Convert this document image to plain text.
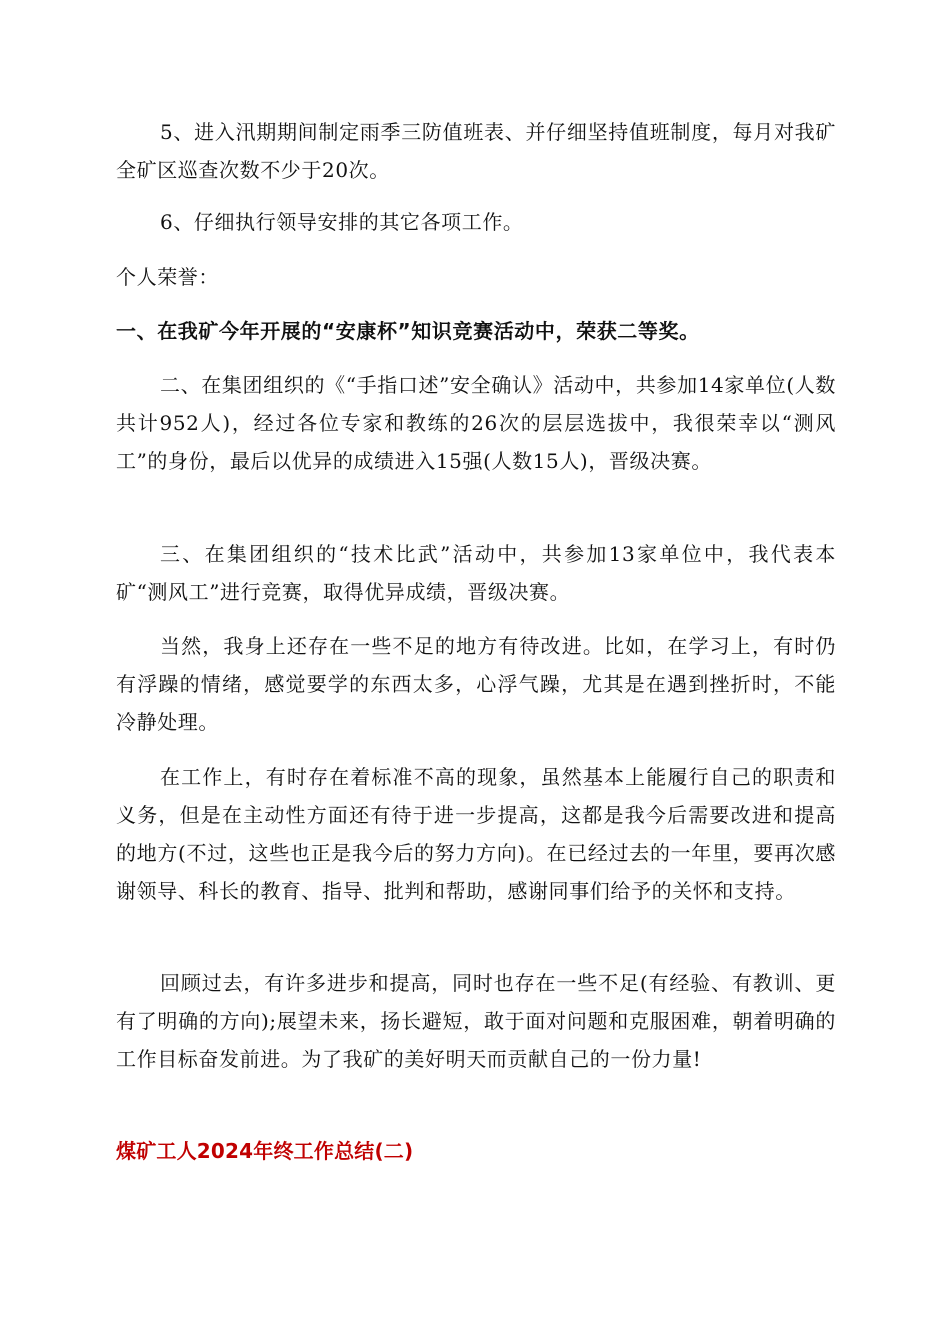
5、进入汛期期间制定雨季三防值班表、并仔细坚持值班制度，每月对我矿全矿区巡查次数不少于20次。

6、仔细执行领导安排的其它各项工作。

个人荣誉：

一、在我矿今年开展的“安康杯”知识竞赛活动中，荣获二等奖。

二、在集团组织的《“手指口述”安全确认》活动中，共参加14家单位(人数共计952人)，经过各位专家和教练的26次的层层选拔中，我很荣幸以“测风工”的身份，最后以优异的成绩进入15强(人数15人)，晋级决赛。

三、在集团组织的“技术比武”活动中，共参加13家单位中，我代表本矿“测风工”进行竞赛，取得优异成绩，晋级决赛。

当然，我身上还存在一些不足的地方有待改进。比如，在学习上，有时仍有浮躁的情绪，感觉要学的东西太多，心浮气躁，尤其是在遇到挫折时，不能冷静处理。

在工作上，有时存在着标准不高的现象，虽然基本上能履行自己的职责和义务，但是在主动性方面还有待于进一步提高，这都是我今后需要改进和提高的地方(不过，这些也正是我今后的努力方向)。在已经过去的一年里，要再次感谢领导、科长的教育、指导、批判和帮助，感谢同事们给予的关怀和支持。

回顾过去，有许多进步和提高，同时也存在一些不足(有经验、有教训、更有了明确的方向);展望未来，扬长避短，敢于面对问题和克服困难，朝着明确的工作目标奋发前进。为了我矿的美好明天而贡献自己的一份力量!

煤矿工人2024年终工作总结(二)
